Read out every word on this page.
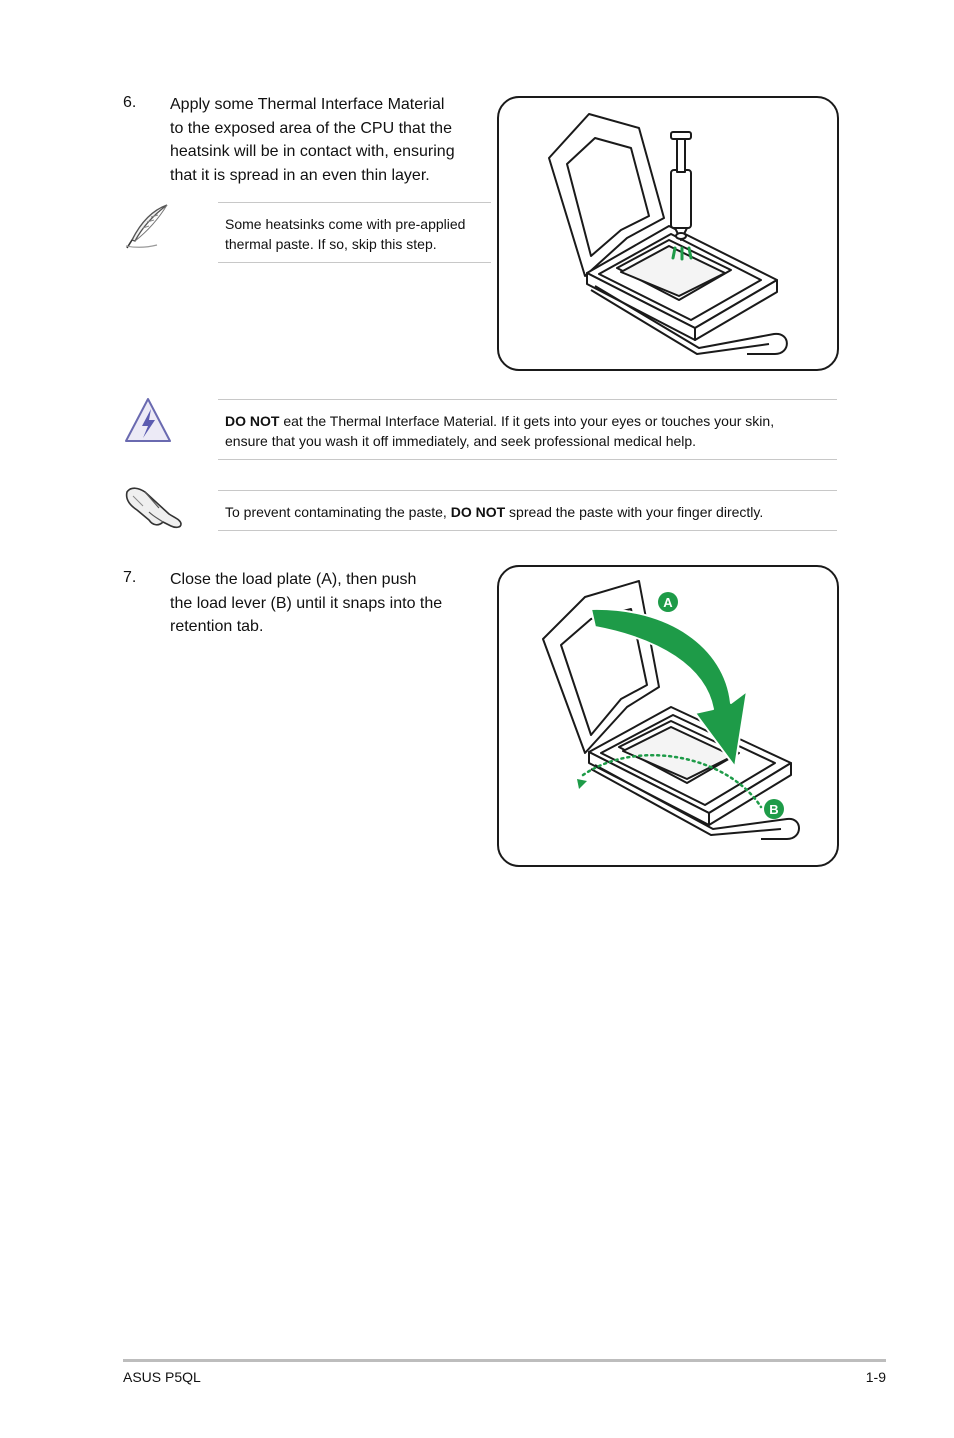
6. Apply some Thermal Interface Material
to the exposed area of the CPU that the
heatsink will be in contact with, ensuring
that it is spread in an even thin layer.
Some heatsinks come with pre-applied
thermal paste. If so, skip this step.
DO NOT eat the Thermal Interface Material. If it gets into your eyes or touches your skin,
ensure that you wash it off immediately, and seek professional medical help.
To prevent contaminating the paste, DO NOT spread the paste with your finger directly.
7. Close the load plate (A), then push
the load lever (B) until it snaps into the
retention tab.
A
B
ASUS P5QL	1-9
